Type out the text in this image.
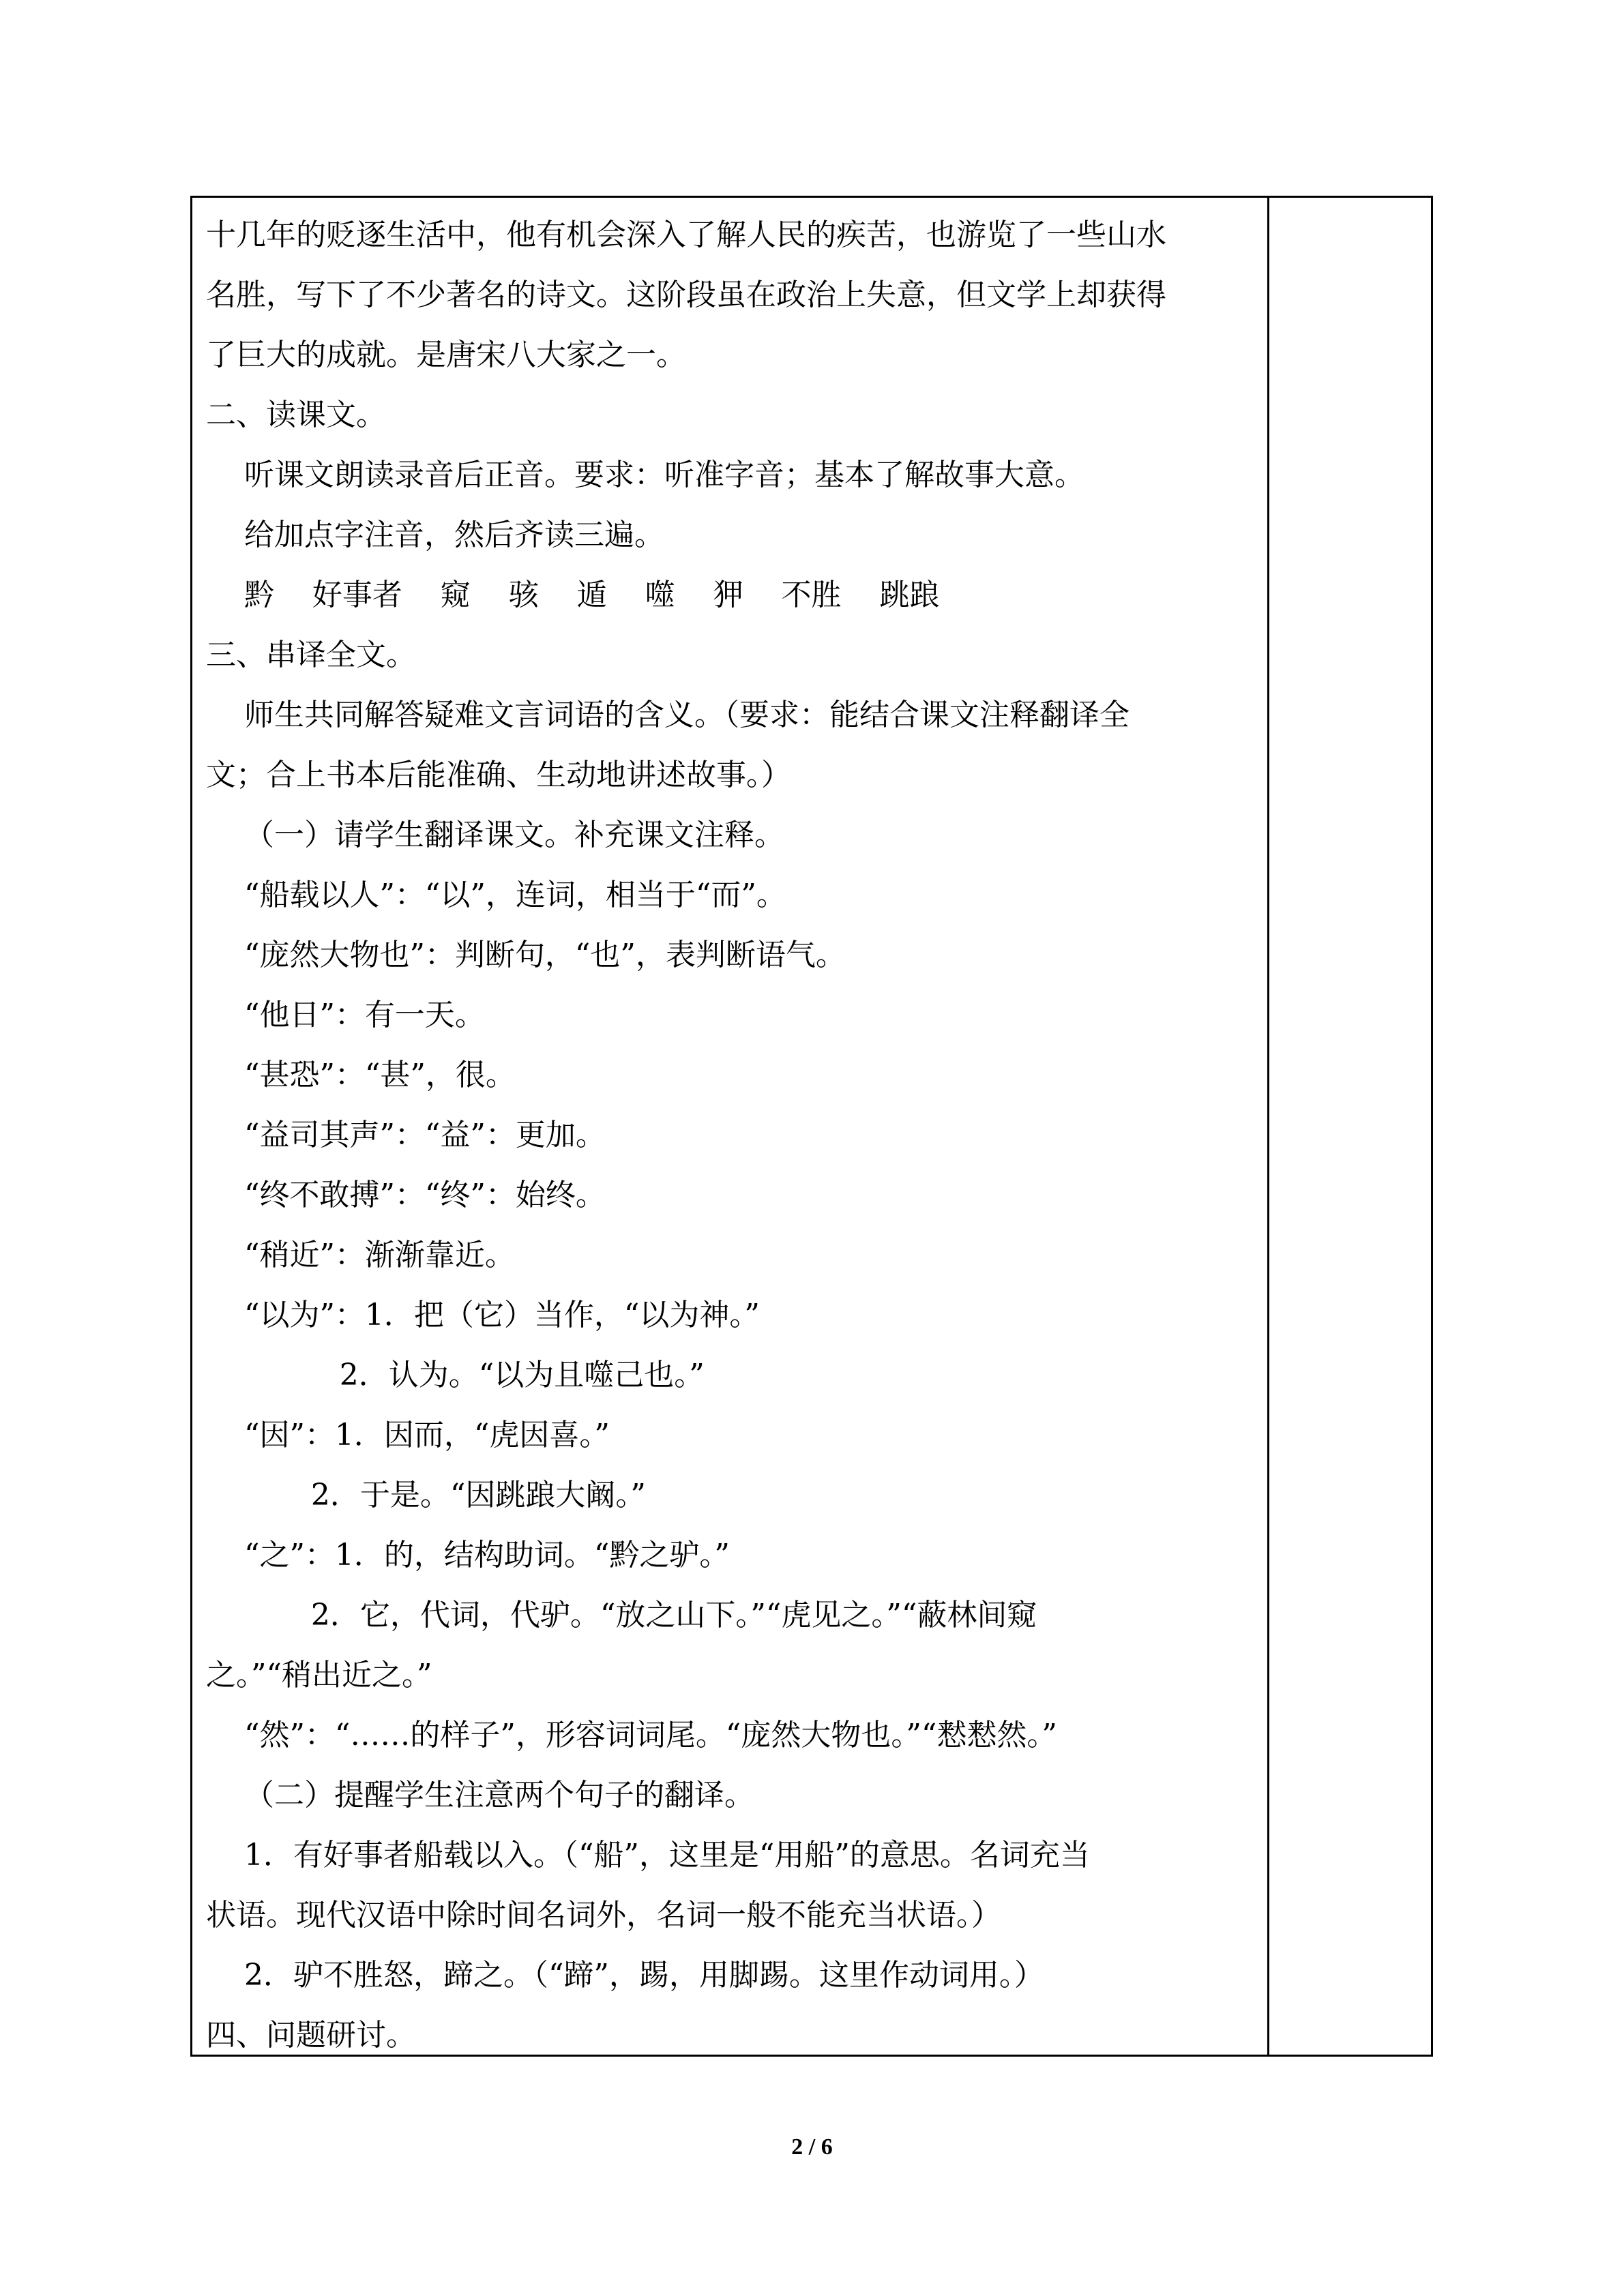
十几年的贬逐生活中，他有机会深入了解人民的疾苦，也游览了一些山水
名胜，写下了不少著名的诗文。这阶段虽在政治上失意，但文学上却获得
了巨大的成就。是唐宋八大家之一。
二、读课文。
听课文朗读录音后正音。要求：听准字音；基本了解故事大意。
给加点字注音，然后齐读三遍。
黔    好事者    窥    骇    遁    噬    狎    不胜    跳踉
三、串译全文。
师生共同解答疑难文言词语的含义。（要求：能结合课文注释翻译全
文；合上书本后能准确、生动地讲述故事。）
（一）请学生翻译课文。补充课文注释。
“船载以人”：“以”，连词，相当于“而”。
“庞然大物也”：判断句，“也”，表判断语气。
“他日”：有一天。
“甚恐”：“甚”，很。
“益司其声”：“益”：更加。
“终不敢搏”：“终”：始终。
“稍近”：渐渐靠近。
“以为”：1．把（它）当作，“以为神。”
2．认为。“以为且噬己也。”
“因”：1．因而，“虎因喜。”
2．于是。“因跳踉大阚。”
“之”：1．的，结构助词。“黔之驴。”
2．它，代词，代驴。“放之山下。”“虎见之。”“蔽林间窥
之。”“稍出近之。”
“然”：“……的样子”，形容词词尾。“庞然大物也。”“慭慭然。”
（二）提醒学生注意两个句子的翻译。
1．有好事者船载以入。（“船”，这里是“用船”的意思。名词充当
状语。现代汉语中除时间名词外，名词一般不能充当状语。）
2．驴不胜怒，蹄之。（“蹄”，踢，用脚踢。这里作动词用。）
四、问题研讨。
2 / 6
